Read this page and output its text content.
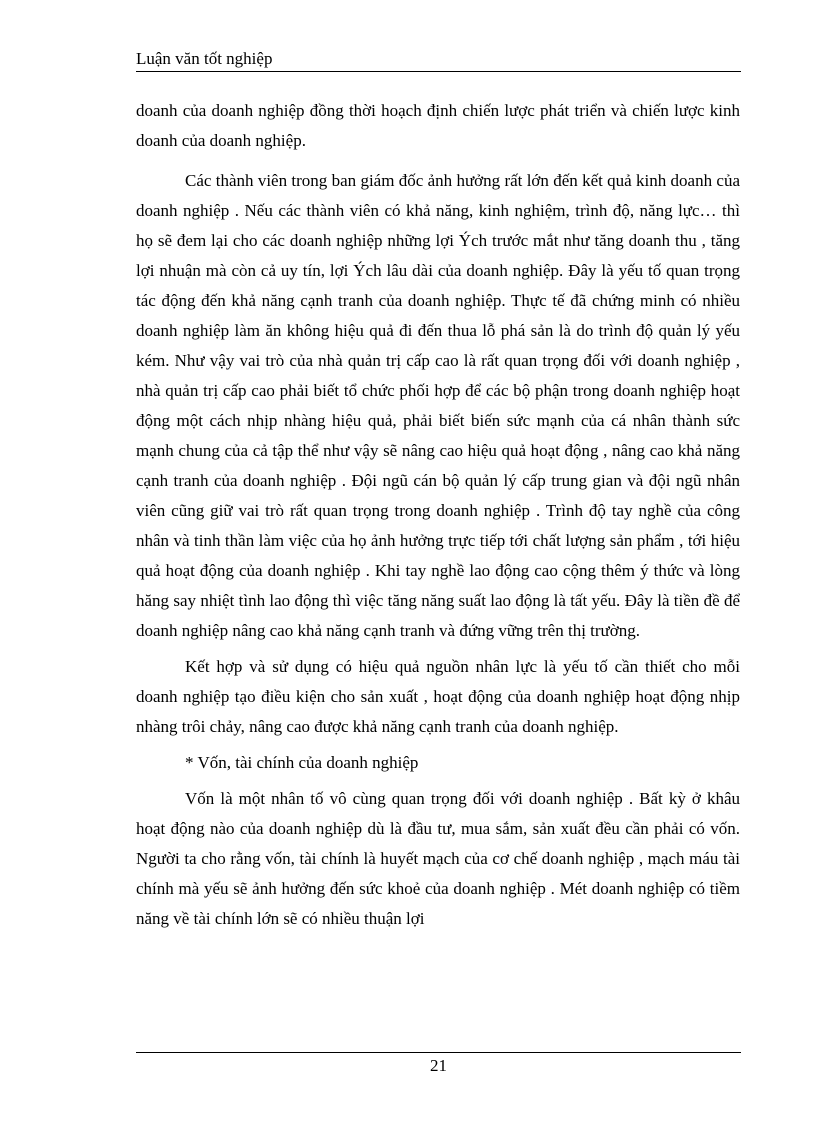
Luận văn tốt nghiệp

doanh của doanh nghiệp đồng thời hoạch định chiến lược phát triển và chiến lược kinh doanh của doanh nghiệp.

Các thành viên trong ban giám đốc ảnh hưởng rất lớn đến kết quả kinh doanh của doanh nghiệp . Nếu các thành viên có khả năng, kinh nghiệm, trình độ, năng lực… thì họ sẽ đem lại cho các doanh nghiệp những lợi Ých trước mắt như tăng doanh thu , tăng lợi nhuận mà còn cả uy tín, lợi Ých lâu dài của doanh nghiệp. Đây là yếu tố quan trọng tác động đến khả năng cạnh tranh của doanh nghiệp. Thực tế đã chứng minh có nhiều doanh nghiệp làm ăn không hiệu quả đi đến thua lỗ phá sản là do trình độ quản lý yếu kém. Như vậy vai trò của nhà quản trị cấp cao là rất quan trọng đối với doanh nghiệp , nhà quản trị cấp cao phải biết tổ chức phối hợp để các bộ phận trong doanh nghiệp hoạt động một cách nhịp nhàng hiệu quả, phải biết biến sức mạnh của cá nhân thành sức mạnh chung của cả tập thể như vậy sẽ nâng cao hiệu quả hoạt động , nâng cao khả năng cạnh tranh của doanh nghiệp . Đội ngũ cán bộ quản lý cấp trung gian và đội ngũ nhân viên cũng giữ vai trò rất quan trọng trong doanh nghiệp . Trình độ tay nghề của công nhân và tinh thần làm việc của họ ảnh hưởng trực tiếp tới chất lượng sản phẩm , tới hiệu quả hoạt động của doanh nghiệp . Khi tay nghề lao động cao cộng thêm ý thức và lòng hăng say nhiệt tình lao động thì việc tăng năng suất lao động là tất yếu. Đây là tiền đề để doanh nghiệp nâng cao khả năng cạnh tranh và đứng vững trên thị trường.

Kết hợp và sử dụng có hiệu quả nguồn nhân lực là yếu tố cần thiết cho mỗi doanh nghiệp tạo điều kiện cho sản xuất , hoạt động của doanh nghiệp hoạt động nhịp nhàng trôi chảy, nâng cao được khả năng cạnh tranh của doanh nghiệp.

* Vốn, tài chính của doanh nghiệp

Vốn là một nhân tố vô cùng quan trọng đối với doanh nghiệp . Bất kỳ ở khâu hoạt động nào của doanh nghiệp dù là đầu tư, mua sắm, sản xuất đều cần phải có vốn. Người ta cho rằng vốn, tài chính là huyết mạch của cơ chế doanh nghiệp , mạch máu tài chính mà yếu sẽ ảnh hưởng đến sức khoẻ của doanh nghiệp . Mét doanh nghiệp có tiềm năng về tài chính lớn sẽ có nhiều thuận lợi

21
